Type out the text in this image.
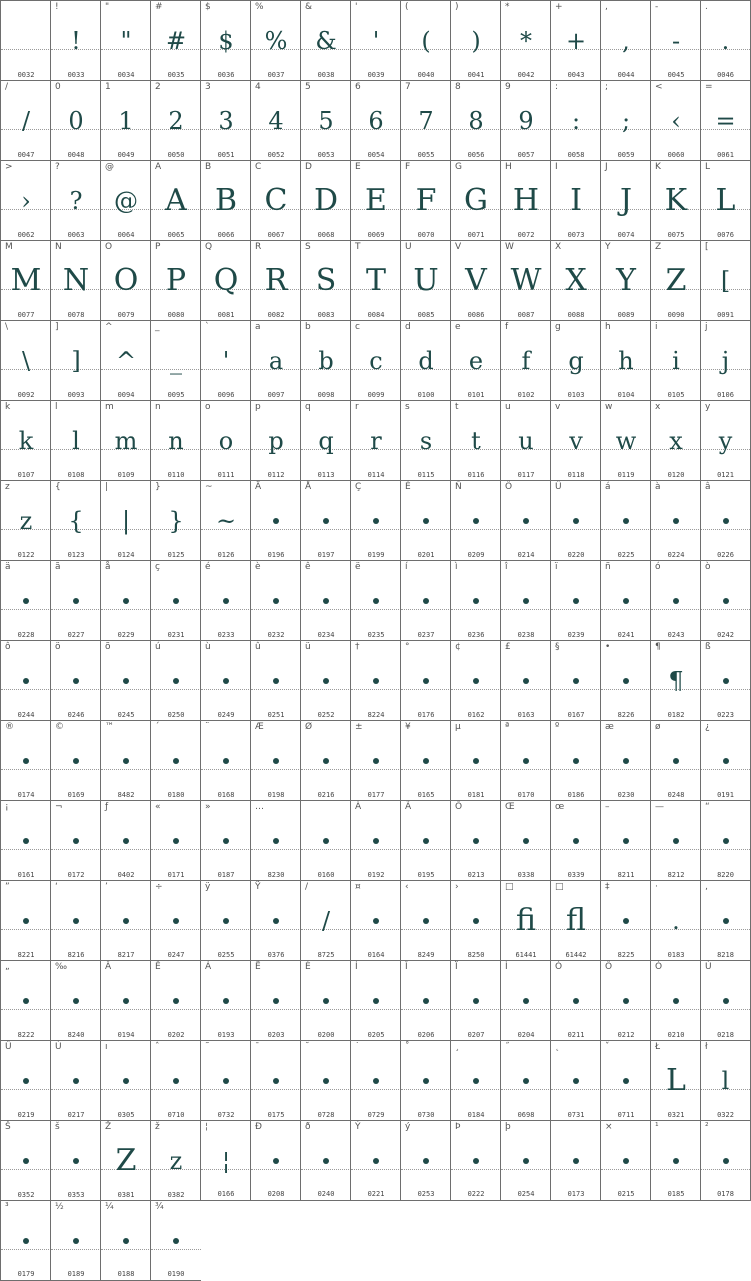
0032
!
!
0033
"
"
0034
#
#
0035
$
$
0036
%
%
0037
&
&
0038
'
'
0039
(
(
0040
)
)
0041
*
*
0042
+
+
0043
,
,
0044
-
-
0045
.
.
0046
/
/
0047
0
0
0048
1
1
0049
2
2
0050
3
3
0051
4
4
0052
5
5
0053
6
6
0054
7
7
0055
8
8
0056
9
9
0057
:
:
0058
;
;
0059
<
‹
0060
=
=
0061
>
›
0062
?
?
0063
@
@
0064
A
A
0065
B
B
0066
C
C
0067
D
D
0068
E
E
0069
F
F
0070
G
G
0071
H
H
0072
I
I
0073
J
J
0074
K
K
0075
L
L
0076
M
M
0077
N
N
0078
O
O
0079
P
P
0080
Q
Q
0081
R
R
0082
S
S
0083
T
T
0084
U
U
0085
V
V
0086
W
W
0087
X
X
0088
Y
Y
0089
Z
Z
0090
[
[
0091
\
\
0092
]
]
0093
^
^
0094
_
_
0095
`
'
0096
a
a
0097
b
b
0098
c
c
0099
d
d
0100
e
e
0101
f
f
0102
g
g
0103
h
h
0104
i
i
0105
j
j
0106
k
k
0107
l
l
0108
m
m
0109
n
n
0110
o
o
0111
p
p
0112
q
q
0113
r
r
0114
s
s
0115
t
t
0116
u
u
0117
v
v
0118
w
w
0119
x
x
0120
y
y
0121
z
z
0122
{
{
0123
|
|
0124
}
}
0125
~
~
0126
Ä
0196
Å
0197
Ç
0199
É
0201
Ñ
0209
Ö
0214
Ü
0220
á
0225
à
0224
â
0226
ä
0228
ã
0227
å
0229
ç
0231
é
0233
è
0232
ê
0234
ë
0235
í
0237
ì
0236
î
0238
ï
0239
ñ
0241
ó
0243
ò
0242
ô
0244
ö
0246
õ
0245
ú
0250
ù
0249
û
0251
ü
0252
†
8224
°
0176
¢
0162
£
0163
§
0167
•
8226
¶
¶
0182
ß
0223
®
0174
©
0169
™
8482
´
0180
¨
0168
Æ
0198
Ø
0216
±
0177
¥
0165
µ
0181
ª
0170
º
0186
æ
0230
ø
0248
¿
0191
¡
0161
¬
0172
ƒ
0402
«
0171
»
0187
…
8230	0160
À
0192
Ã
0195
Õ
0213
Œ
0338
œ
0339
–
8211
—
8212
“
8220
”
8221
‘
8216
’
8217
÷
0247
ÿ
0255
Ÿ
0376
/
/
8725
¤
0164
‹
8249
›
8250
□
fi
61441
□
fl
61442
‡
8225
·
.
0183
‚
8218
„
8222
‰
8240
Â
0194
Ê
0202
Á
0193
Ë
0203
È
0200
Í
0205
Î
0206
Ï
0207
Ì
0204
Ó
0211
Ô
0212
Ò
0210
Ú
0218
Û
0219
Ù
0217
ı
0305
ˆ
0710
˜
0732
¯
0175
˘
0728
˙
0729
˚
0730
¸
0184
˝
0698
˛
0731
ˇ
0711
Ł
L
0321
ł
l
0322
Š
0352
š
0353
Ž
Z
0381
ž
z
0382
¦
¦
0166
Ð
0208
ð
0240
Ý
0221
ý
0253
Þ
0222
þ
0254	0173
×
0215
¹
0185
²
0178
³
0179
½
0189
¼
0188
¾
0190
